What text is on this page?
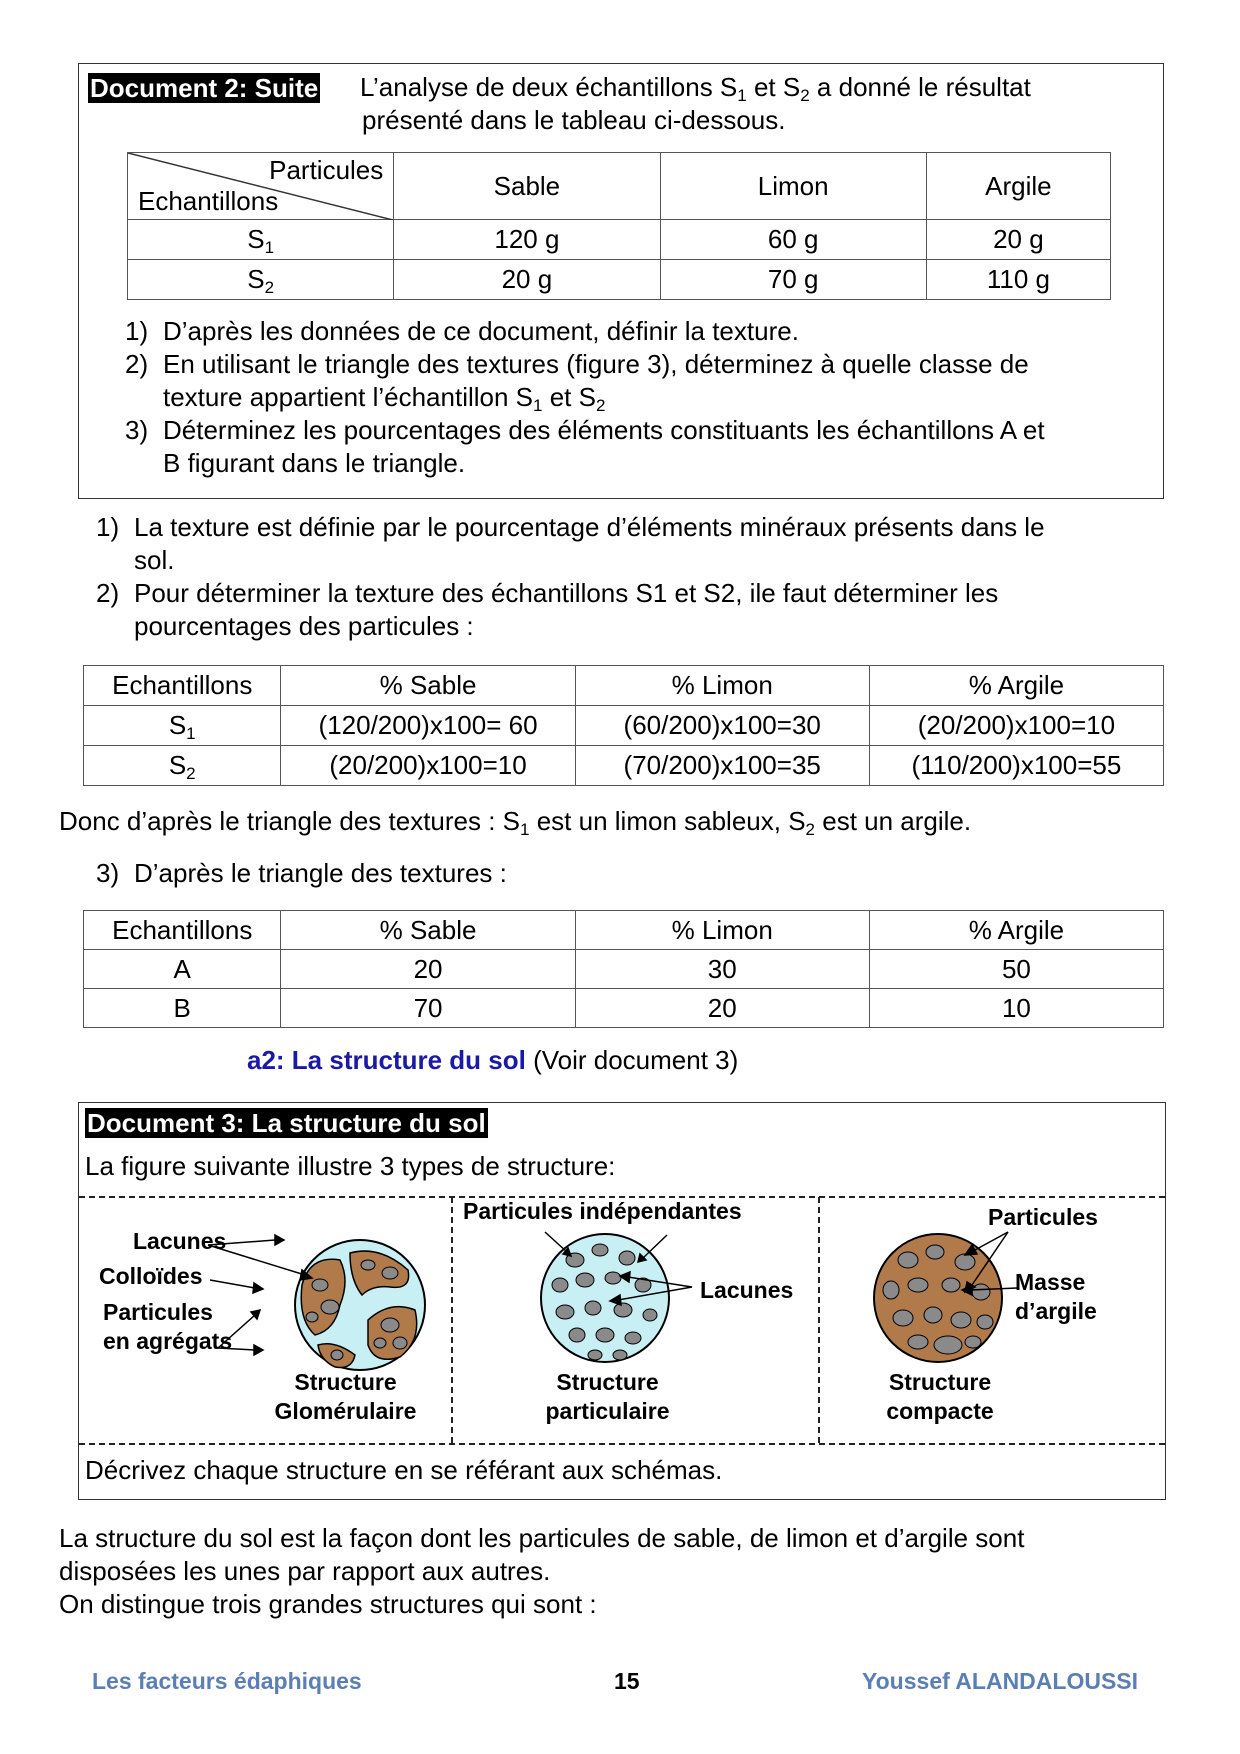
Document 2: Suite L’analyse de deux échantillons $S_1$ et $S_2$ a donné le résultat
présenté dans le tableau ci-dessous.
Particules
Echantillons	Sable	Limon	Argile
$S_1$	120 g	60 g	20 g
$S_2$	20 g	70 g	110 g
1) D’après les données de ce document, définir la texture.
2) En utilisant le triangle des textures (figure 3), déterminez à quelle classe de
texture appartient l’échantillon $S_1$ et $S_2$
3) Déterminez les pourcentages des éléments constituants les échantillons A et
B figurant dans le triangle.
1) La texture est définie par le pourcentage d’éléments minéraux présents dans le
sol.
2) Pour déterminer la texture des échantillons S1 et S2, ile faut déterminer les
pourcentages des particules :
Echantillons	% Sable	% Limon	% Argile
$S_1$	(120/200)x100= 60	(60/200)x100=30	(20/200)x100=10
$S_2$	(20/200)x100=10	(70/200)x100=35	(110/200)x100=55
Donc d’après le triangle des textures : $S_1$ est un limon sableux, $S_2$ est un argile.
3) D’après le triangle des textures :
Echantillons	% Sable	% Limon	% Argile
A	20	30	50
B	70	20	10
a2: La structure du sol (Voir document 3)
Document 3: La structure du sol
La figure suivante illustre 3 types de structure:
Lacunes
Colloïdes
Particules
en agrégats
Structure
Glomérulaire
Particules indépendantes
Lacunes
Structure
particulaire
Particules
Masse
d’argile
Structure
compacte
Décrivez chaque structure en se référant aux schémas.
La structure du sol est la façon dont les particules de sable, de limon et d’argile sont
disposées les unes par rapport aux autres.
On distingue trois grandes structures qui sont :
Les facteurs édaphiques	15	Youssef ALANDALOUSSI
